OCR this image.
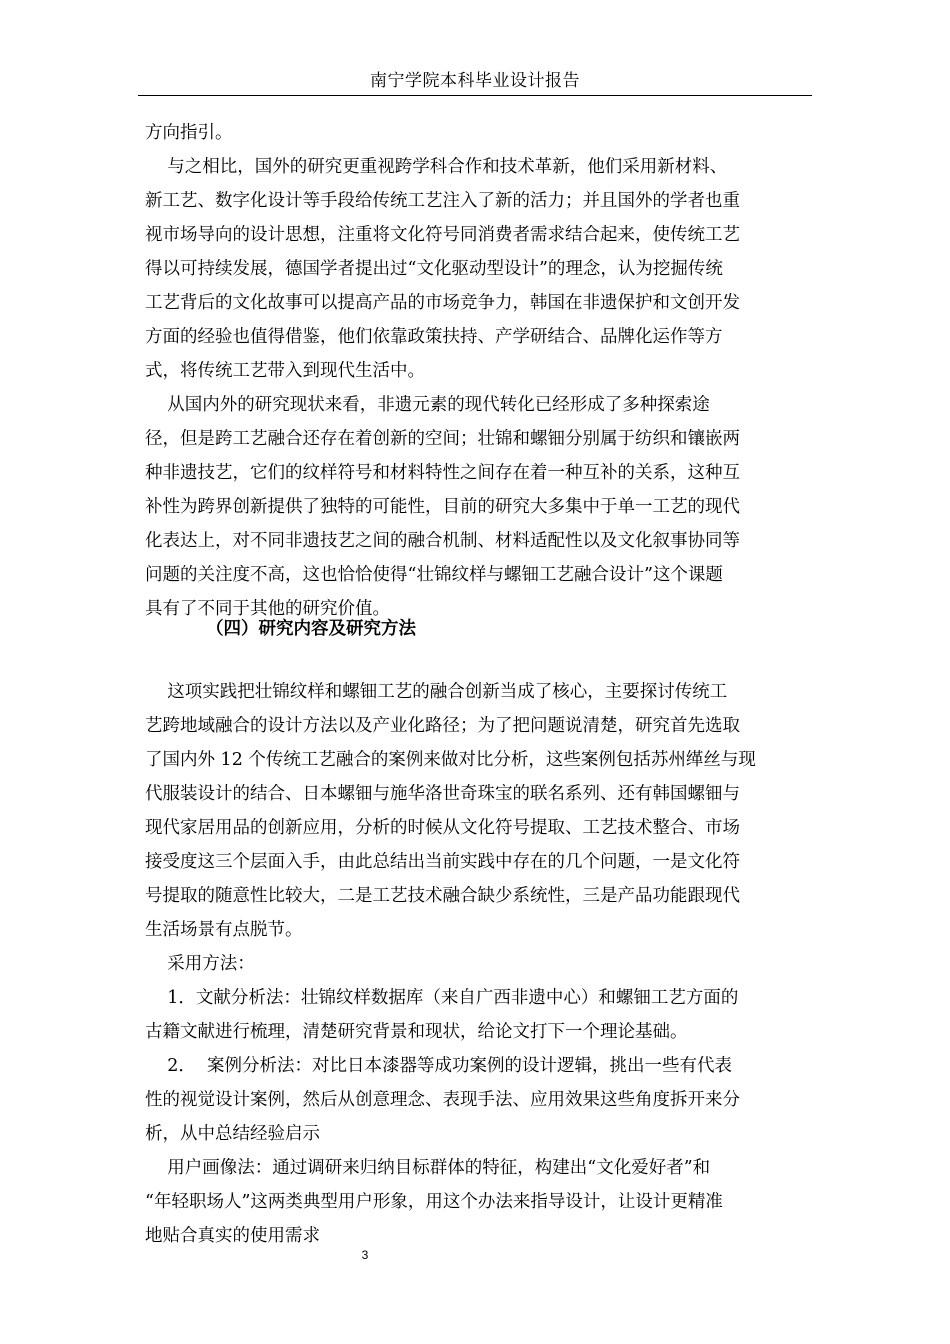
南宁学院本科毕业设计报告
方向指引。
与之相比，国外的研究更重视跨学科合作和技术革新，他们采用新材料、
新工艺、数字化设计等手段给传统工艺注入了新的活力；并且国外的学者也重
视市场导向的设计思想，注重将文化符号同消费者需求结合起来，使传统工艺
得以可持续发展，德国学者提出过“文化驱动型设计”的理念，认为挖掘传统
工艺背后的文化故事可以提高产品的市场竞争力，韩国在非遗保护和文创开发
方面的经验也值得借鉴，他们依靠政策扶持、产学研结合、品牌化运作等方
式，将传统工艺带入到现代生活中。
从国内外的研究现状来看，非遗元素的现代转化已经形成了多种探索途
径，但是跨工艺融合还存在着创新的空间；壮锦和螺钿分别属于纺织和镶嵌两
种非遗技艺，它们的纹样符号和材料特性之间存在着一种互补的关系，这种互
补性为跨界创新提供了独特的可能性，目前的研究大多集中于单一工艺的现代
化表达上，对不同非遗技艺之间的融合机制、材料适配性以及文化叙事协同等
问题的关注度不高，这也恰恰使得“壮锦纹样与螺钿工艺融合设计”这个课题
具有了不同于其他的研究价值。
（四）研究内容及研究方法
这项实践把壮锦纹样和螺钿工艺的融合创新当成了核心，主要探讨传统工
艺跨地域融合的设计方法以及产业化路径；为了把问题说清楚，研究首先选取
了国内外 12 个传统工艺融合的案例来做对比分析，这些案例包括苏州缂丝与现
代服装设计的结合、日本螺钿与施华洛世奇珠宝的联名系列、还有韩国螺钿与
现代家居用品的创新应用，分析的时候从文化符号提取、工艺技术整合、市场
接受度这三个层面入手，由此总结出当前实践中存在的几个问题，一是文化符
号提取的随意性比较大，二是工艺技术融合缺少系统性，三是产品功能跟现代
生活场景有点脱节。
采用方法：
1．文献分析法：壮锦纹样数据库（来自广西非遗中心）和螺钿工艺方面的
古籍文献进行梳理，清楚研究背景和现状，给论文打下一个理论基础。
2．  案例分析法：对比日本漆器等成功案例的设计逻辑，挑出一些有代表
性的视觉设计案例，然后从创意理念、表现手法、应用效果这些角度拆开来分
析，从中总结经验启示
用户画像法：通过调研来归纳目标群体的特征，构建出“文化爱好者”和
“年轻职场人”这两类典型用户形象，用这个办法来指导设计，让设计更精准
地贴合真实的使用需求
3
